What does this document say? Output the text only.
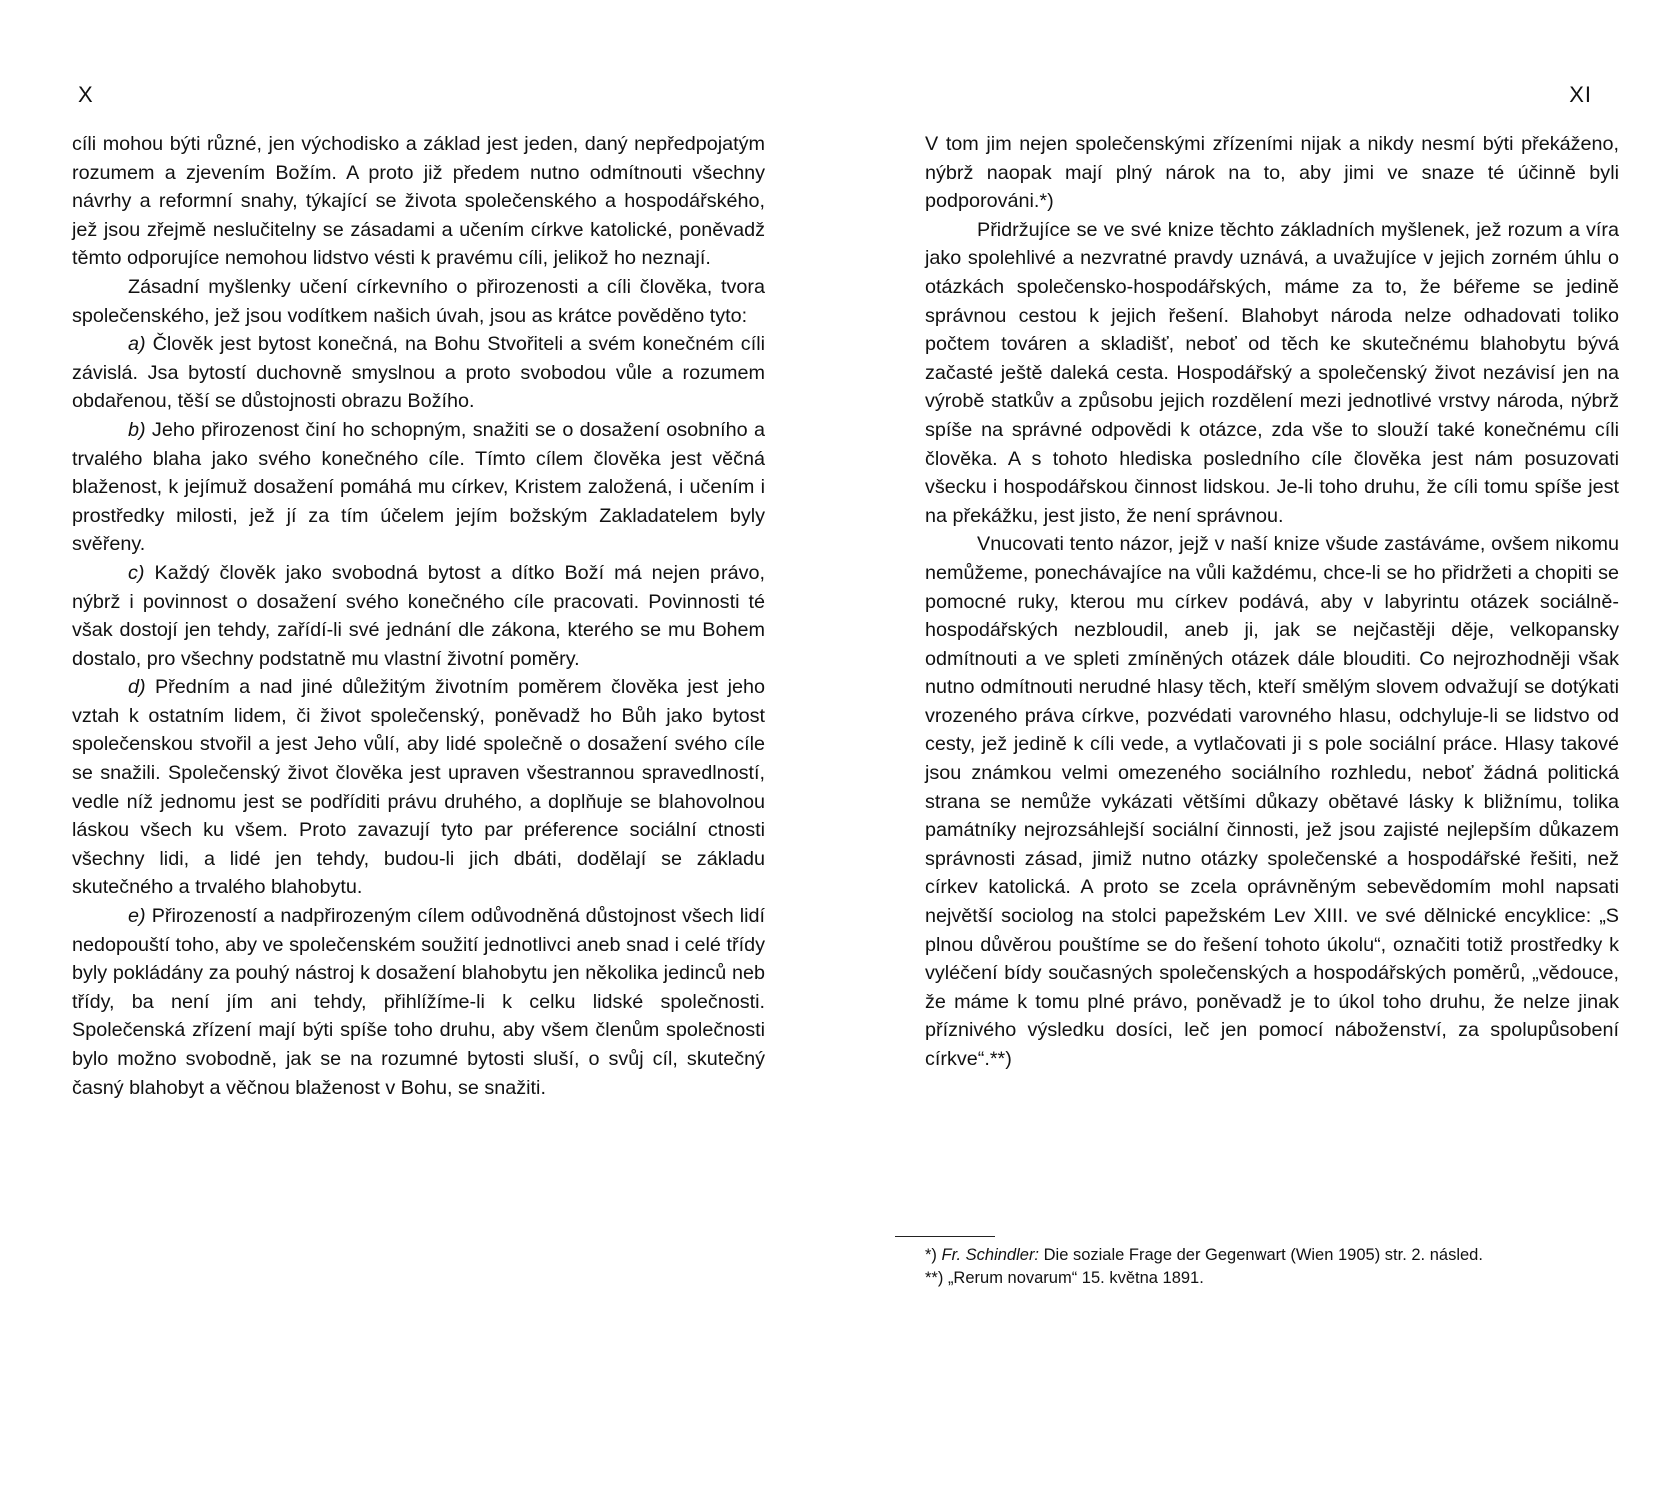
X

cíli mohou býti různé, jen východisko a základ jest jeden, daný nepředpojatým rozumem a zjevením Božím. A proto již předem nutno odmítnouti všechny návrhy a reformní snahy, týkající se života společenského a hospodářského, jež jsou zřejmě neslučitelny se zásadami a učením církve katolické, poněvadž těmto odporujíce nemohou lidstvo vésti k pravému cíli, jelikož ho neznají.

Zásadní myšlenky učení církevního o přirozenosti a cíli člověka, tvora společenského, jež jsou vodítkem našich úvah, jsou as krátce pověděno tyto:

a) Člověk jest bytost konečná, na Bohu Stvořiteli a svém konečném cíli závislá. Jsa bytostí duchovně smyslnou a proto svobodou vůle a rozumem obdařenou, těší se důstojnosti obrazu Božího.

b) Jeho přirozenost činí ho schopným, snažiti se o dosažení osobního a trvalého blaha jako svého konečného cíle. Tímto cílem člověka jest věčná blaženost, k jejímuž dosažení pomáhá mu církev, Kristem založená, i učením i prostředky milosti, jež jí za tím účelem jejím božským Zakladatelem byly svěřeny.

c) Každý člověk jako svobodná bytost a dítko Boží má nejen právo, nýbrž i povinnost o dosažení svého konečného cíle pracovati. Povinnosti té však dostojí jen tehdy, zařídí-li své jednání dle zákona, kterého se mu Bohem dostalo, pro všechny podstatně mu vlastní životní poměry.

d) Předním a nad jiné důležitým životním poměrem člověka jest jeho vztah k ostatním lidem, či život společenský, poněvadž ho Bůh jako bytost společenskou stvořil a jest Jeho vůlí, aby lidé společně o dosažení svého cíle se snažili. Společenský život člověka jest upraven všestrannou spravedlností, vedle níž jednomu jest se podříditi právu druhého, a doplňuje se blahovolnou láskou všech ku všem. Proto zavazují tyto par préference sociální ctnosti všechny lidi, a lidé jen tehdy, budou-li jich dbáti, dodělají se základu skutečného a trvalého blahobytu.

e) Přirozeností a nadpřirozeným cílem odůvodněná důstojnost všech lidí nedopouští toho, aby ve společenském soužití jednotlivci aneb snad i celé třídy byly pokládány za pouhý nástroj k dosažení blahobytu jen několika jedinců neb třídy, ba není jím ani tehdy, přihlížíme-li k celku lidské společnosti. Společenská zřízení mají býti spíše toho druhu, aby všem členům společnosti bylo možno svobodně, jak se na rozumné bytosti sluší, o svůj cíl, skutečný časný blahobyt a věčnou blaženost v Bohu, se snažiti.

XI

V tom jim nejen společenskými zřízeními nijak a nikdy nesmí býti překáženo, nýbrž naopak mají plný nárok na to, aby jimi ve snaze té účinně byli podporováni.*)

Přidržujíce se ve své knize těchto základních myšlenek, jež rozum a víra jako spolehlivé a nezvratné pravdy uznává, a uvažujíce v jejich zorném úhlu o otázkách společensko-hospodářských, máme za to, že béřeme se jedině správnou cestou k jejich řešení. Blahobyt národa nelze odhadovati toliko počtem továren a skladišť, neboť od těch ke skutečnému blahobytu bývá začasté ještě daleká cesta. Hospodářský a společenský život nezávisí jen na výrobě statkův a způsobu jejich rozdělení mezi jednotlivé vrstvy národa, nýbrž spíše na správné odpovědi k otázce, zda vše to slouží také konečnému cíli člověka. A s tohoto hlediska posledního cíle člověka jest nám posuzovati všecku i hospodářskou činnost lidskou. Je-li toho druhu, že cíli tomu spíše jest na překážku, jest jisto, že není správnou.

Vnucovati tento názor, jejž v naší knize všude zastáváme, ovšem nikomu nemůžeme, ponechávajíce na vůli každému, chce-li se ho přidržeti a chopiti se pomocné ruky, kterou mu církev podává, aby v labyrintu otázek sociálně-hospodářských nezbloudil, aneb ji, jak se nejčastěji děje, velkopansky odmítnouti a ve spleti zmíněných otázek dále blouditi. Co nejrozhodněji však nutno odmítnouti nerudné hlasy těch, kteří smělým slovem odvažují se dotýkati vrozeného práva církve, pozvédati varovného hlasu, odchyluje-li se lidstvo od cesty, jež jedině k cíli vede, a vytlačovati ji s pole sociální práce. Hlasy takové jsou známkou velmi omezeného sociálního rozhledu, neboť žádná politická strana se nemůže vykázati většími důkazy obětavé lásky k bližnímu, tolika památníky nejrozsáhlejší sociální činnosti, jež jsou zajisté nejlepším důkazem správnosti zásad, jimiž nutno otázky společenské a hospodářské řešiti, než církev katolická. A proto se zcela oprávněným sebevědomím mohl napsati největší sociolog na stolci papežském Lev XIII. ve své dělnické encyklice: „S plnou důvěrou pouštíme se do řešení tohoto úkolu“, označiti totiž prostředky k vyléčení bídy současných společenských a hospodářských poměrů, „vědouce, že máme k tomu plné právo, poněvadž je to úkol toho druhu, že nelze jinak příznivého výsledku dosíci, leč jen pomocí náboženství, za spolupůsobení církve“.**)

*) Fr. Schindler: Die soziale Frage der Gegenwart (Wien 1905) str. 2. násled.

**) „Rerum novarum“ 15. května 1891.
